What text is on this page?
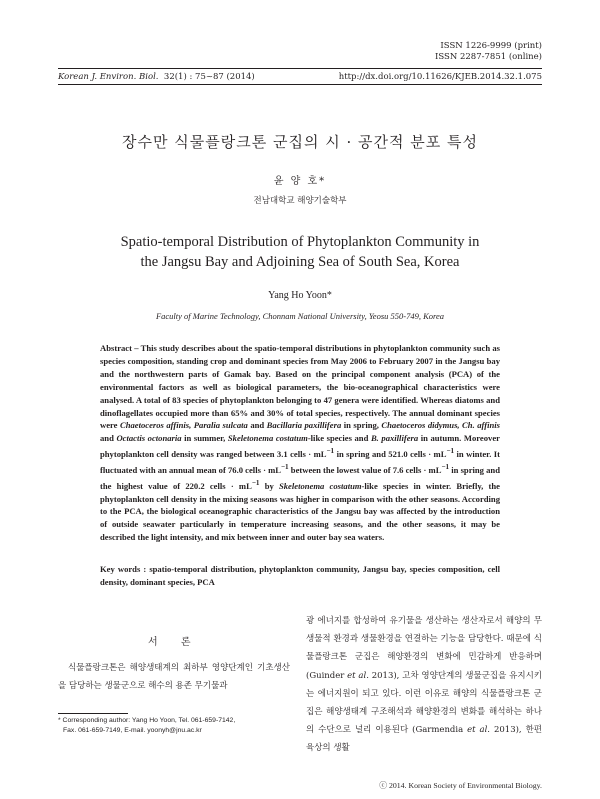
ISSN 1226-9999 (print)
ISSN 2287-7851 (online)
Korean J. Environ. Biol. 32(1) : 75~87 (2014)	http://dx.doi.org/10.11626/KJEB.2014.32.1.075
장수만 식물플랑크톤 군집의 시 · 공간적 분포 특성
윤 양 호*
전남대학교 해양기술학부
Spatio-temporal Distribution of Phytoplankton Community in
the Jangsu Bay and Adjoining Sea of South Sea, Korea
Yang Ho Yoon*
Faculty of Marine Technology, Chonnam National University, Yeosu 550-749, Korea
Abstract – This study describes about the spatio-temporal distributions in phytoplankton community such as species composition, standing crop and dominant species from May 2006 to February 2007 in the Jangsu bay and the northwestern parts of Gamak bay. Based on the principal component analysis (PCA) of the environmental factors as well as biological parameters, the bio-oceanographical characteristics were analysed. A total of 83 species of phytoplankton belonging to 47 genera were identified. Whereas diatoms and dinoflagellates occupied more than 65% and 30% of total species, respectively. The annual dominant species were Chaetoceros affinis, Paralia sulcata and Bacillaria paxillifera in spring, Chaetoceros didymus, Ch. affinis and Octactis octonaria in summer, Skeletonema costatum-like species and B. paxillifera in autumn. Moreover phytoplankton cell density was ranged between 3.1 cells · $mL^{-1}$ in spring and 521.0 cells · $mL^{-1}$ in winter. It fluctuated with an annual mean of 76.0 cells · $mL^{-1}$ between the lowest value of 7.6 cells · $mL^{-1}$ in spring and the highest value of 220.2 cells · $mL^{-1}$ by Skeletonema costatum-like species in winter. Briefly, the phytoplankton cell density in the mixing seasons was higher in comparison with the other seasons. According to the PCA, the biological oceanographic characteristics of the Jangsu bay was affected by the introduction of outside seawater particularly in temperature increasing seasons, and the other seasons, it may be described the light intensity, and mix between inner and outer bay sea waters.
Key words : spatio-temporal distribution, phytoplankton community, Jangsu bay, species composition, cell density, dominant species, PCA
서 론
식물플랑크톤은 해양생태계의 최하부 영양단계인 기초생산을 담당하는 생물군으로 해수의 용존 무기물과
광 에너지를 합성하여 유기물을 생산하는 생산자로서 해양의 무생물적 환경과 생물환경을 연결하는 기능을 담당한다. 때문에 식물플랑크톤 군집은 해양환경의 변화에 민감하게 반응하며 (Guinder et al. 2013), 고차 영양단계의 생물군집을 유지시키는 에너지원이 되고 있다. 이런 이유로 해양의 식물플랑크톤 군집은 해양생태계 구조해석과 해양환경의 변화를 해석하는 하나의 수단으로 널리 이용된다 (Garmendia et al. 2013), 한편 육상의 생활
* Corresponding author: Yang Ho Yoon, Tel. 061-659-7142,
Fax. 061-659-7149, E-mail. yoonyh@jnu.ac.kr
ⓒ 2014. Korean Society of Environmental Biology.
